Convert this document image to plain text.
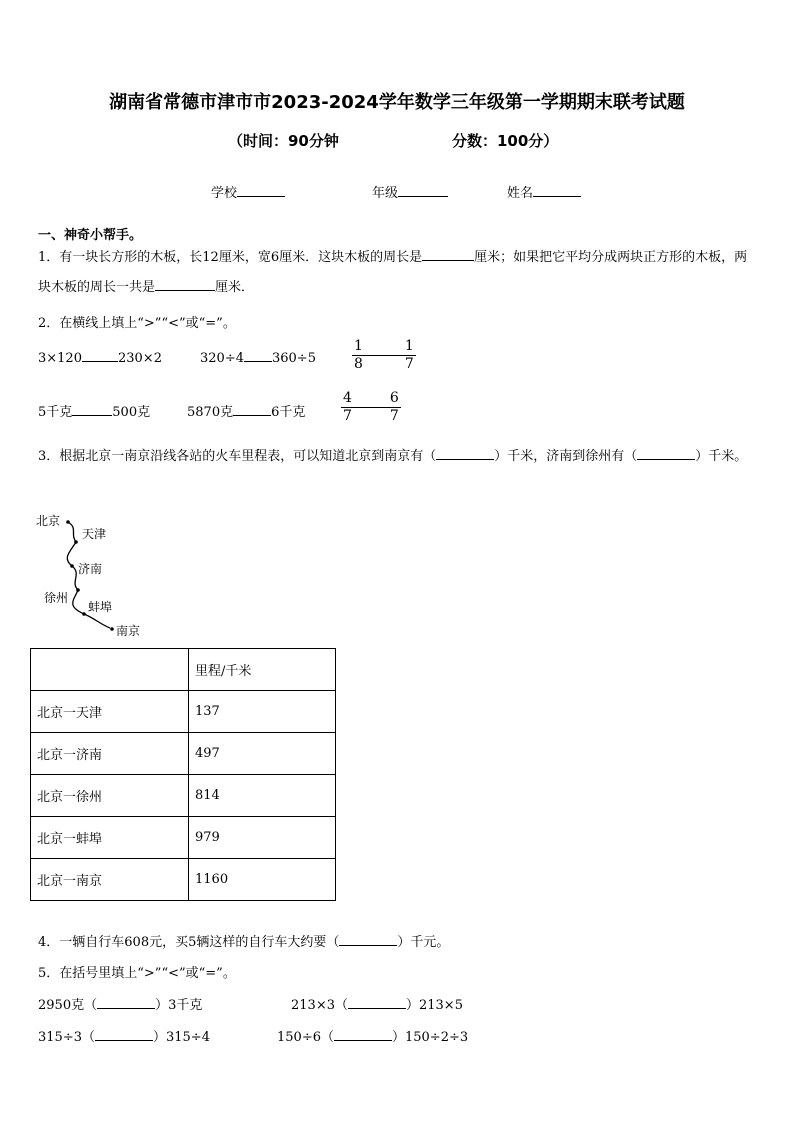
湖南省常德市津市市2023-2024学年数学三年级第一学期期末联考试题
（时间：90分钟	分数：100分）
学校	年级	姓名
一、神奇小帮手。
1．有一块长方形的木板，长12厘米，宽6厘米．这块木板的周长是	厘米；如果把它平均分成两块正方形的木板，两块木板的周长一共是	厘米．
2．在横线上填上“>”“<”或“=”。
3×120	230×2	320÷4 360÷5	$\frac{1}{8}$	$\frac{1}{7}$
5千克	500克	5870克	6千克	$\frac{4}{7} \frac{6}{7}$
3．根据北京一南京沿线各站的火车里程表，可以知道北京到南京有（	）千米，济南到徐州有（	）千米。
北京
天津
济南
徐州
蚌埠
南京
	里程/千米
北京一天津	137
北京一济南	497
北京一徐州	814
北京一蚌埠	979
北京一南京	1160
4．一辆自行车608元，买5辆这样的自行车大约要（	）千元。
5．在括号里填上“>”“<”或“=”。
2950克（	）3千克	213×3（	）213×5
315÷3（	）315÷4	150÷6（	）150÷2÷3
